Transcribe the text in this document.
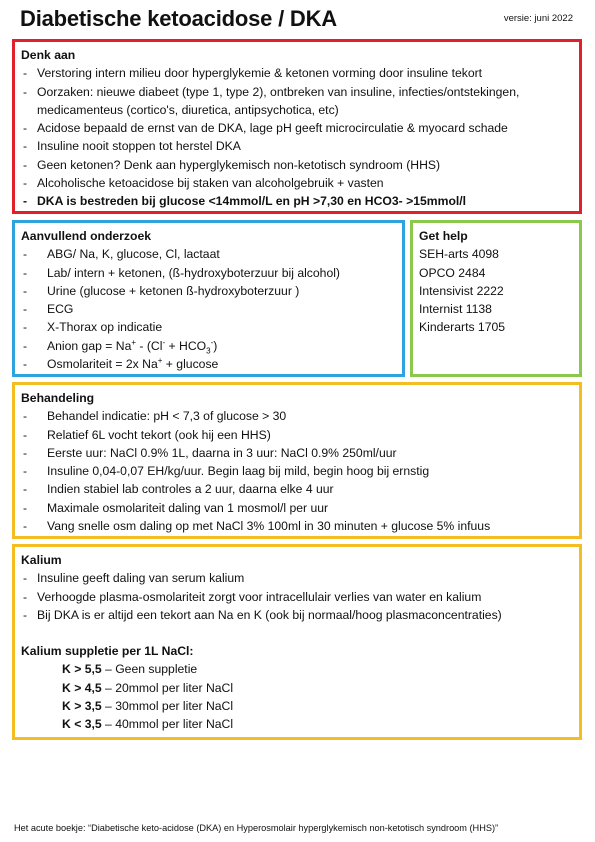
Diabetische ketoacidose / DKA	versie: juni 2022
Denk aan
- Verstoring intern milieu door hyperglykemie & ketonen vorming door insuline tekort
- Oorzaken: nieuwe diabeet (type 1, type 2), ontbreken van insuline, infecties/ontstekingen, medicamenteus (cortico's, diuretica, antipsychotica, etc)
- Acidose bepaald de ernst van de DKA, lage pH geeft microcirculatie & myocard schade
- Insuline nooit stoppen tot herstel DKA
- Geen ketonen? Denk aan hyperglykemisch non-ketotisch syndroom (HHS)
- Alcoholische ketoacidose bij staken van alcoholgebruik + vasten
- DKA is bestreden bij glucose <14mmol/L en pH >7,30 en HCO3- >15mmol/l
Aanvullend onderzoek
- ABG/ Na, K, glucose, Cl, lactaat
- Lab/ intern + ketonen, (ß-hydroxyboterzuur bij alcohol)
- Urine (glucose + ketonen ß-hydroxyboterzuur )
- ECG
- X-Thorax op indicatie
- Anion gap = $Na^+ - (Cl^- + HCO_3^-)$
- Osmolariteit = 2x Na+ + glucose
Get help
SEH-arts 4098
OPCO 2484
Intensivist 2222
Internist 1138
Kinderarts 1705
Behandeling
- Behandel indicatie: pH < 7,3 of glucose > 30
- Relatief 6L vocht tekort (ook hij een HHS)
- Eerste uur: NaCl 0.9% 1L, daarna in 3 uur: NaCl 0.9% 250ml/uur
- Insuline 0,04-0,07 EH/kg/uur. Begin laag bij mild, begin hoog bij ernstig
- Indien stabiel lab controles a 2 uur, daarna elke 4 uur
- Maximale osmolariteit daling van 1 mosmol/l per uur
- Vang snelle osm daling op met NaCl 3% 100ml in 30 minuten + glucose 5% infuus
Kalium
- Insuline geeft daling van serum kalium
- Verhoogde plasma-osmolariteit zorgt voor intracellulair verlies van water en kalium
- Bij DKA is er altijd een tekort aan Na en K (ook bij normaal/hoog plasmaconcentraties)
Kalium suppletie per 1L NaCl:
K > 5,5 – Geen suppletie
K > 4,5 – 20mmol per liter NaCl
K > 3,5 – 30mmol per liter NaCl
K < 3,5 – 40mmol per liter NaCl
Het acute boekje: “Diabetische keto-acidose (DKA) en Hyperosmolair hyperglykemisch non-ketotisch syndroom (HHS)”
